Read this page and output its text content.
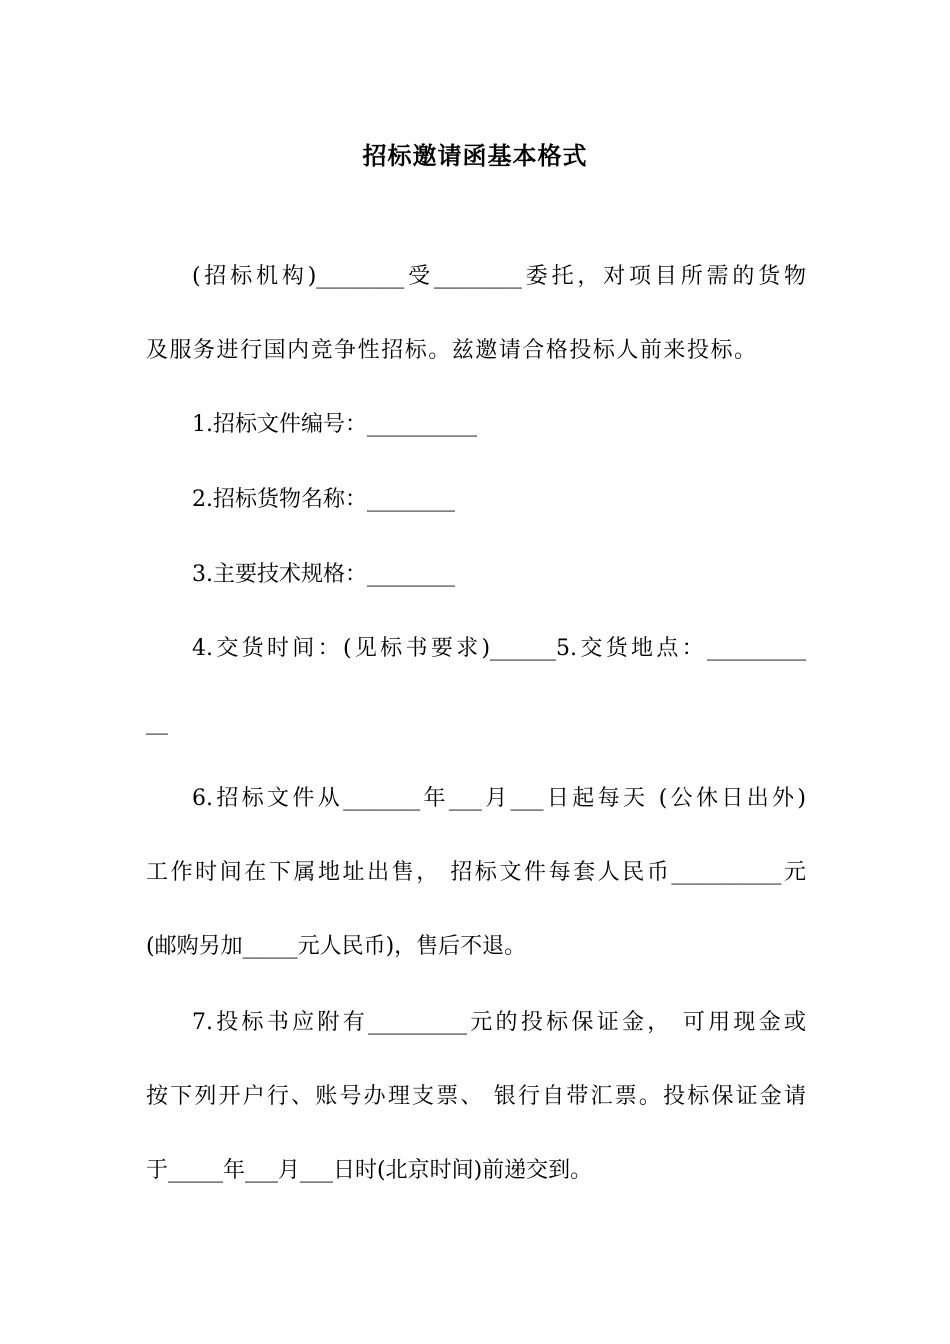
招标邀请函基本格式
(招标机构)________受________委托，对项目所需的货物
及服务进行国内竞争性招标。兹邀请合格投标人前来投标。
1.招标文件编号：__________
2.招标货物名称：________
3.主要技术规格：________
4.交货时间：(见标书要求)______5.交货地点：_________
__
6.招标文件从_______年___月___日起每天 (公休日出外)
工作时间在下属地址出售， 招标文件每套人民币__________元
(邮购另加_____元人民币)，售后不退。
7.投标书应附有_________元的投标保证金， 可用现金或
按下列开户行、账号办理支票、 银行自带汇票。投标保证金请
于_____年___月___日时(北京时间)前递交到。
